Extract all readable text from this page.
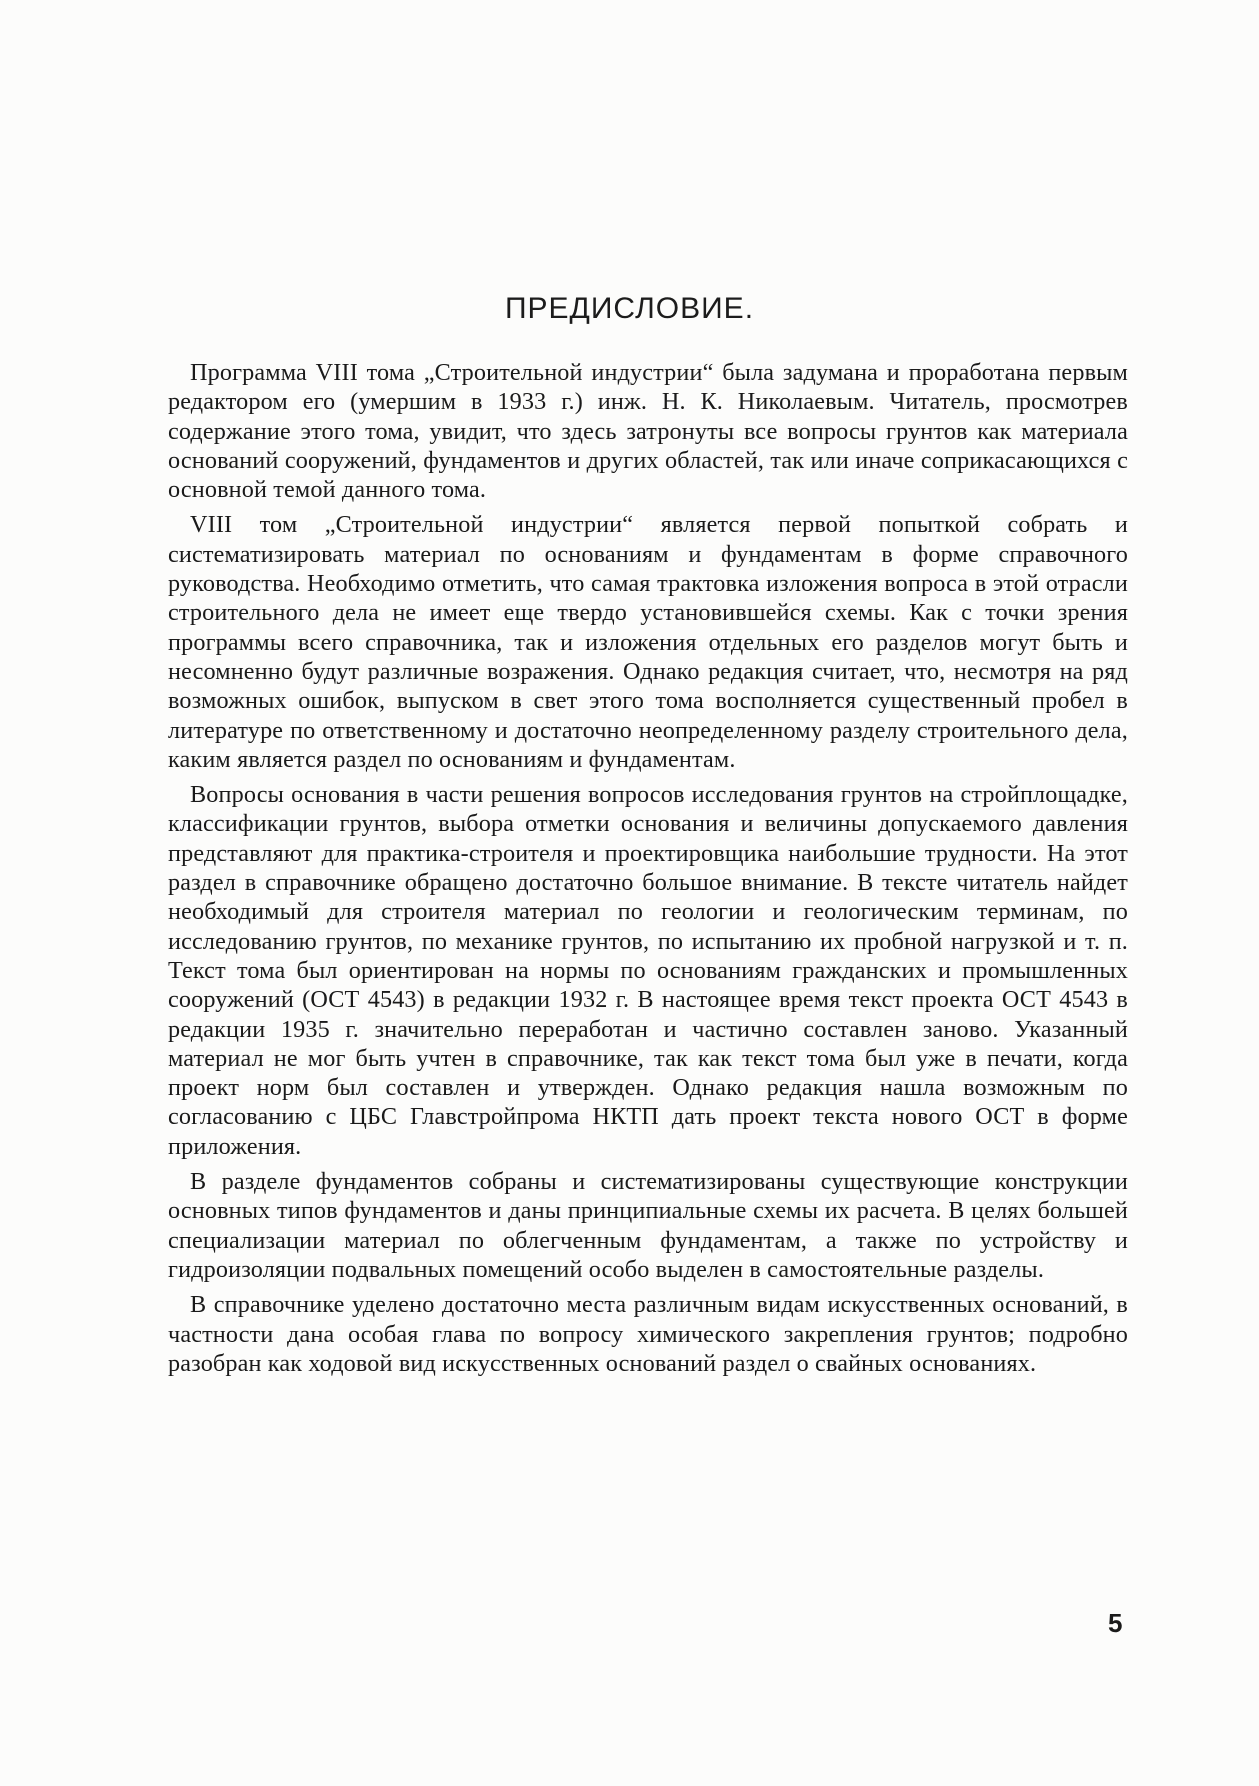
ПРЕДИСЛОВИЕ.

Программа VIII тома „Строительной индустрии“ была задумана и проработана первым редактором его (умершим в 1933 г.) инж. Н. К. Николаевым. Читатель, просмотрев содержание этого тома, увидит, что здесь затронуты все вопросы грунтов как материала оснований сооружений, фундаментов и других областей, так или иначе соприкасающихся с основной темой данного тома.

VIII том „Строительной индустрии“ является первой попыткой собрать и систематизировать материал по основаниям и фундаментам в форме справочного руководства. Необходимо отметить, что самая трактовка изложения вопроса в этой отрасли строительного дела не имеет еще твердо установившейся схемы. Как с точки зрения программы всего справочника, так и изложения отдельных его разделов могут быть и несомненно будут различные возражения. Однако редакция считает, что, несмотря на ряд возможных ошибок, выпуском в свет этого тома восполняется существенный пробел в литературе по ответственному и достаточно неопределенному разделу строительного дела, каким является раздел по основаниям и фундаментам.

Вопросы основания в части решения вопросов исследования грунтов на стройплощадке, классификации грунтов, выбора отметки основания и величины допускаемого давления представляют для практика-строителя и проектировщика наибольшие трудности. На этот раздел в справочнике обращено достаточно большое внимание. В тексте читатель найдет необходимый для строителя материал по геологии и геологическим терминам, по исследованию грунтов, по механике грунтов, по испытанию их пробной нагрузкой и т. п. Текст тома был ориентирован на нормы по основаниям гражданских и промышленных сооружений (ОСТ 4543) в редакции 1932 г. В настоящее время текст проекта ОСТ 4543 в редакции 1935 г. значительно переработан и частично составлен заново. Указанный материал не мог быть учтен в справочнике, так как текст тома был уже в печати, когда проект норм был составлен и утвержден. Однако редакция нашла возможным по согласованию с ЦБС Главстройпрома НКТП дать проект текста нового ОСТ в форме приложения.

В разделе фундаментов собраны и систематизированы существующие конструкции основных типов фундаментов и даны принципиальные схемы их расчета. В целях большей специализации материал по облегченным фундаментам, а также по устройству и гидроизоляции подвальных помещений особо выделен в самостоятельные разделы.

В справочнике уделено достаточно места различным видам искусственных оснований, в частности дана особая глава по вопросу химического закрепления грунтов; подробно разобран как ходовой вид искусственных оснований раздел о свайных основаниях.

5
